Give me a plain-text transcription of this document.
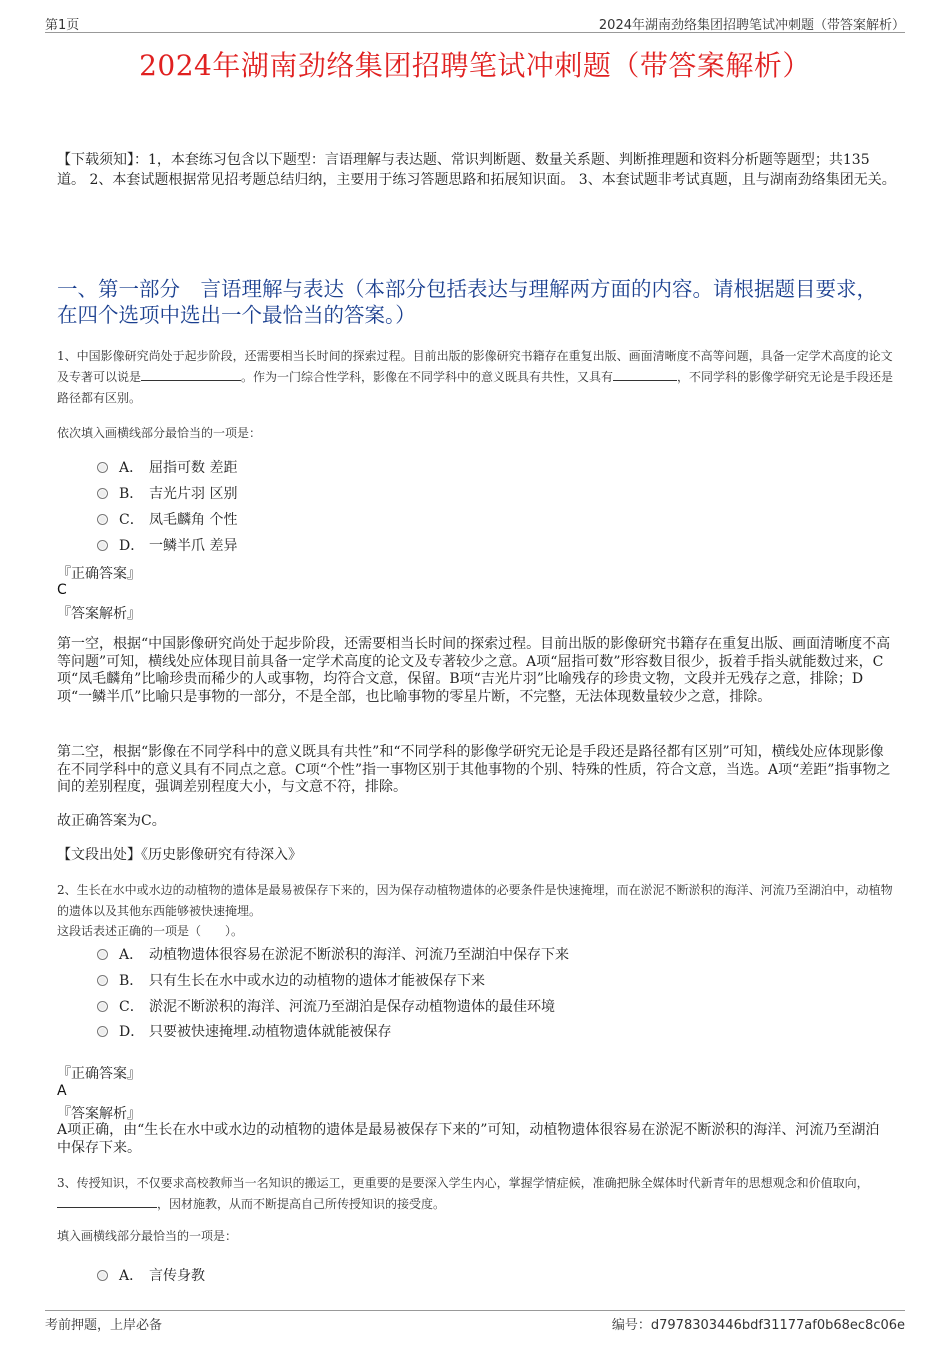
第1页	2024年湖南劲络集团招聘笔试冲刺题（带答案解析）
2024年湖南劲络集团招聘笔试冲刺题（带答案解析）
【下载须知】：1，本套练习包含以下题型：言语理解与表达题、常识判断题、数量关系题、判断推理题和资料分析题等题型；共135道。 2、本套试题根据常见招考题总结归纳，主要用于练习答题思路和拓展知识面。 3、本套试题非考试真题，且与湖南劲络集团无关。
一、第一部分　言语理解与表达（本部分包括表达与理解两方面的内容。请根据题目要求，在四个选项中选出一个最恰当的答案。）
1、中国影像研究尚处于起步阶段，还需要相当长时间的探索过程。目前出版的影像研究书籍存在重复出版、画面清晰度不高等问题，具备一定学术高度的论文及专著可以说是	。作为一门综合性学科，影像在不同学科中的意义既具有共性，又具有	，不同学科的影像学研究无论是手段还是路径都有区别。
依次填入画横线部分最恰当的一项是：
A． 屈指可数 差距
B． 吉光片羽 区别
C． 凤毛麟角 个性
D． 一鳞半爪 差异
『正确答案』
C
『答案解析』
第一空，根据“中国影像研究尚处于起步阶段，还需要相当长时间的探索过程。目前出版的影像研究书籍存在重复出版、画面清晰度不高等问题”可知，横线处应体现目前具备一定学术高度的论文及专著较少之意。A项“屈指可数”形容数目很少，扳着手指头就能数过来，C项“凤毛麟角”比喻珍贵而稀少的人或事物，均符合文意，保留。B项“吉光片羽”比喻残存的珍贵文物，文段并无残存之意，排除；D项“一鳞半爪”比喻只是事物的一部分，不是全部，也比喻事物的零星片断，不完整，无法体现数量较少之意，排除。
第二空，根据“影像在不同学科中的意义既具有共性”和“不同学科的影像学研究无论是手段还是路径都有区别”可知，横线处应体现影像在不同学科中的意义具有不同点之意。C项“个性”指一事物区别于其他事物的个别、特殊的性质，符合文意，当选。A项“差距”指事物之间的差别程度，强调差别程度大小，与文意不符，排除。
故正确答案为C。
【文段出处】《历史影像研究有待深入》
2、生长在水中或水边的动植物的遗体是最易被保存下来的，因为保存动植物遗体的必要条件是快速掩埋，而在淤泥不断淤积的海洋、河流乃至湖泊中，动植物的遗体以及其他东西能够被快速掩埋。
这段话表述正确的一项是（　　）。
A． 动植物遗体很容易在淤泥不断淤积的海洋、河流乃至湖泊中保存下来
B． 只有生长在水中或水边的动植物的遗体才能被保存下来
C． 淤泥不断淤积的海洋、河流乃至湖泊是保存动植物遗体的最佳环境
D． 只要被快速掩埋.动植物遗体就能被保存
『正确答案』
A
『答案解析』
A项正确，由“生长在水中或水边的动植物的遗体是最易被保存下来的”可知，动植物遗体很容易在淤泥不断淤积的海洋、河流乃至湖泊中保存下来。
3、传授知识，不仅要求高校教师当一名知识的搬运工，更重要的是要深入学生内心，掌握学情症候，准确把脉全媒体时代新青年的思想观念和价值取向，，因材施教，从而不断提高自己所传授知识的接受度。
填入画横线部分最恰当的一项是：
A． 言传身教
考前押题，上岸必备	编号：d7978303446bdf31177af0b68ec8c06e
